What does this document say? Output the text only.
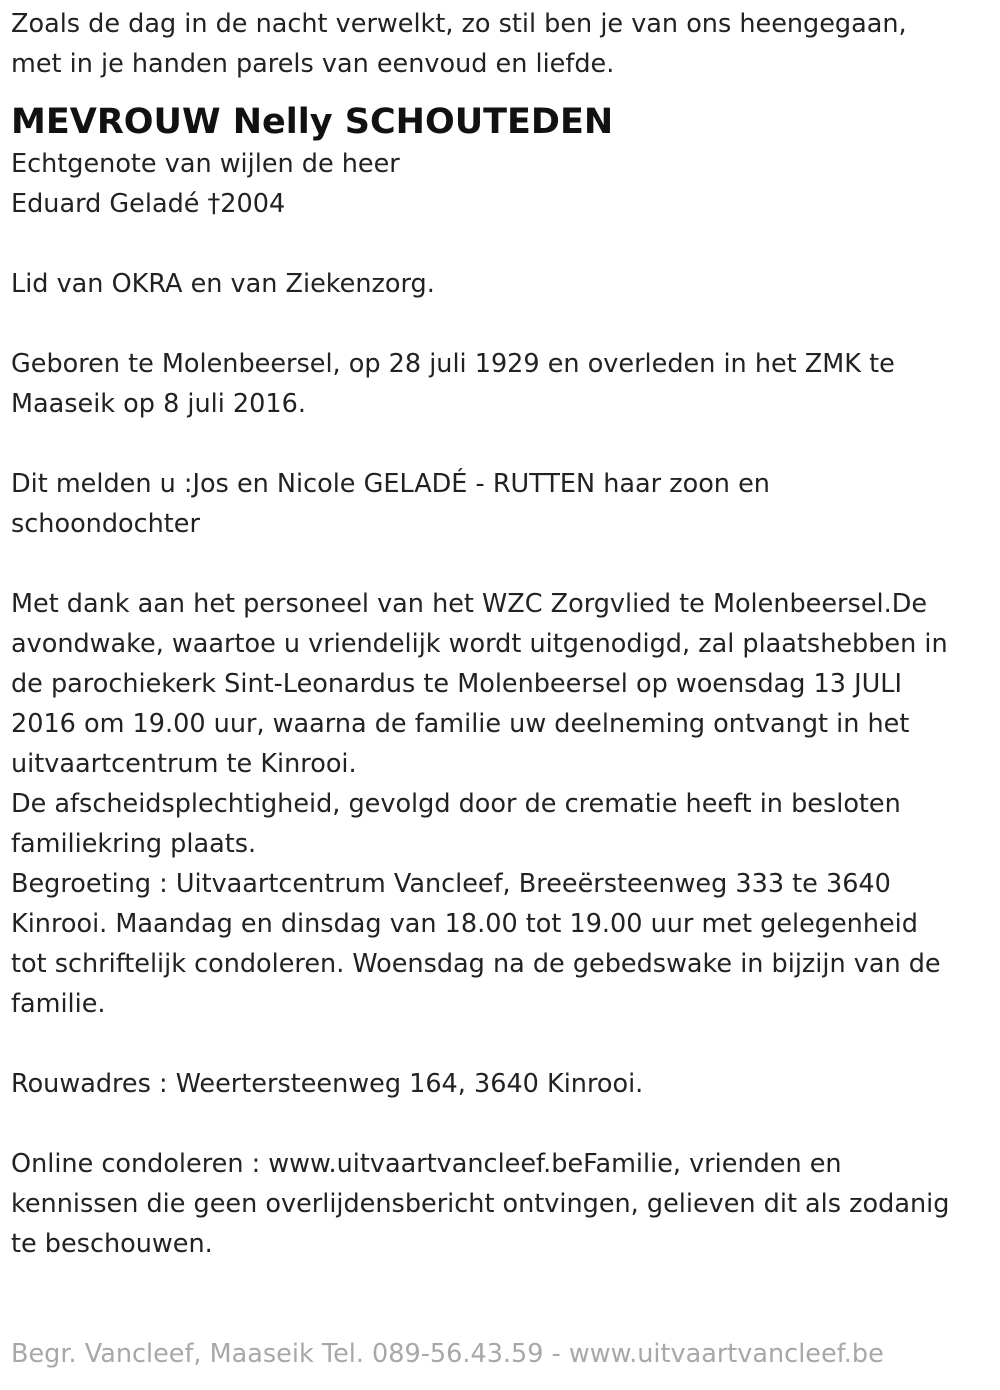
Zoals de dag in de nacht verwelkt, zo stil ben je van ons heengegaan,

met in je handen parels van eenvoud en liefde.

MEVROUW Nelly SCHOUTEDEN

Echtgenote van wijlen de heer

Eduard Geladé †2004

Lid van OKRA en van Ziekenzorg.

Geboren te Molenbeersel, op 28 juli 1929 en overleden in het ZMK te

Maaseik op 8 juli 2016.

Dit melden u :Jos en Nicole GELADÉ - RUTTEN haar zoon en

schoondochter

Met dank aan het personeel van het WZC Zorgvlied te Molenbeersel.De

avondwake, waartoe u vriendelijk wordt uitgenodigd, zal plaatshebben in

de parochiekerk Sint-Leonardus te Molenbeersel op woensdag 13 JULI

2016 om 19.00 uur, waarna de familie uw deelneming ontvangt in het

uitvaartcentrum te Kinrooi.

De afscheidsplechtigheid, gevolgd door de crematie heeft in besloten

familiekring plaats.

Begroeting : Uitvaartcentrum Vancleef, Breeërsteenweg 333 te 3640

Kinrooi. Maandag en dinsdag van 18.00 tot 19.00 uur met gelegenheid

tot schriftelijk condoleren. Woensdag na de gebedswake in bijzijn van de

familie.

Rouwadres : Weertersteenweg 164, 3640 Kinrooi.

Online condoleren : www.uitvaartvancleef.beFamilie, vrienden en

kennissen die geen overlijdensbericht ontvingen, gelieven dit als zodanig

te beschouwen.

Begr. Vancleef, Maaseik Tel. 089-56.43.59 - www.uitvaartvancleef.be
